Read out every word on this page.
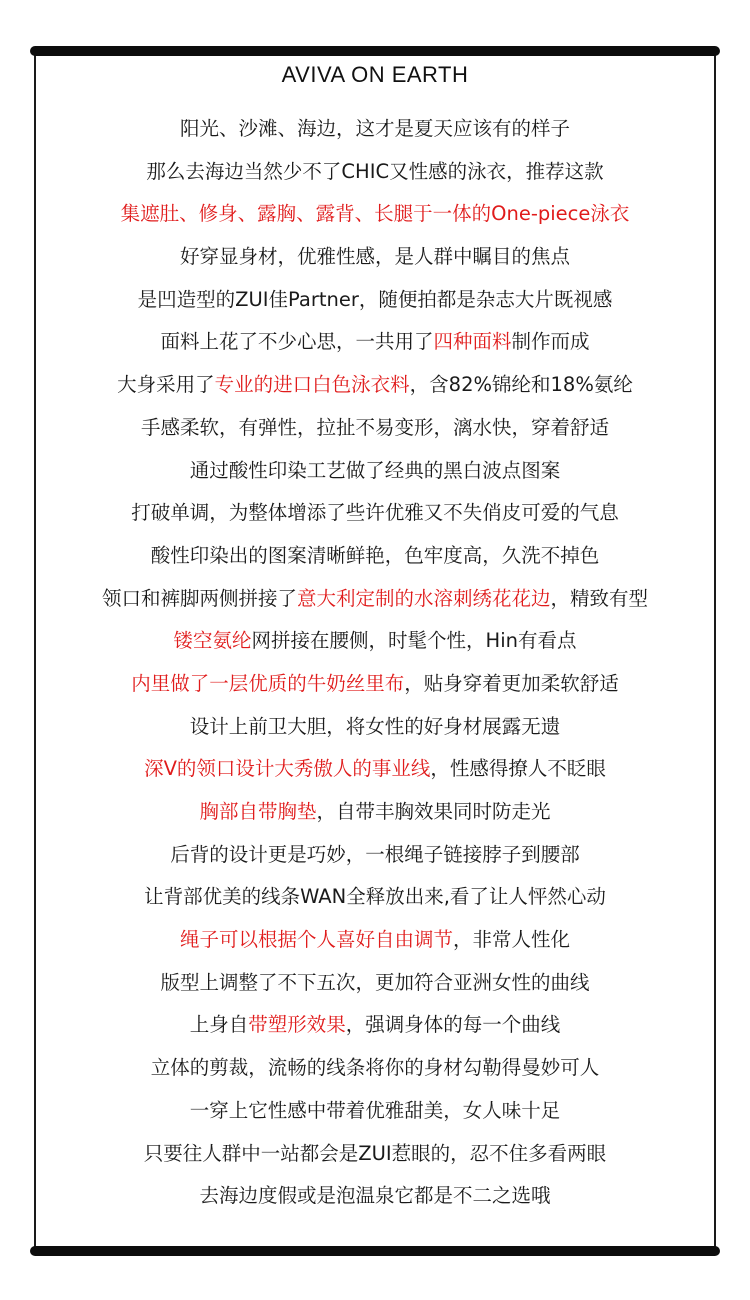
AVIVA ON EARTH
阳光、沙滩、海边，这才是夏天应该有的样子
那么去海边当然少不了CHIC又性感的泳衣，推荐这款
集遮肚、修身、露胸、露背、长腿于一体的One-piece泳衣
好穿显身材，优雅性感，是人群中瞩目的焦点
是凹造型的ZUI佳Partner，随便拍都是杂志大片既视感
面料上花了不少心思，一共用了四种面料制作而成
大身采用了专业的进口白色泳衣料，含82%锦纶和18%氨纶
手感柔软，有弹性，拉扯不易变形，漓水快，穿着舒适
通过酸性印染工艺做了经典的黑白波点图案
打破单调，为整体增添了些许优雅又不失俏皮可爱的气息
酸性印染出的图案清晰鲜艳，色牢度高，久洗不掉色
领口和裤脚两侧拼接了意大利定制的水溶刺绣花花边，精致有型
镂空氨纶网拼接在腰侧，时髦个性，Hin有看点
内里做了一层优质的牛奶丝里布，贴身穿着更加柔软舒适
设计上前卫大胆，将女性的好身材展露无遗
深V的领口设计大秀傲人的事业线，性感得撩人不眨眼
胸部自带胸垫，自带丰胸效果同时防走光
后背的设计更是巧妙，一根绳子链接脖子到腰部
让背部优美的线条WAN全释放出来,看了让人怦然心动
绳子可以根据个人喜好自由调节，非常人性化
版型上调整了不下五次，更加符合亚洲女性的曲线
上身自带塑形效果，强调身体的每一个曲线
立体的剪裁，流畅的线条将你的身材勾勒得曼妙可人
一穿上它性感中带着优雅甜美，女人味十足
只要往人群中一站都会是ZUI惹眼的，忍不住多看两眼
去海边度假或是泡温泉它都是不二之选哦
